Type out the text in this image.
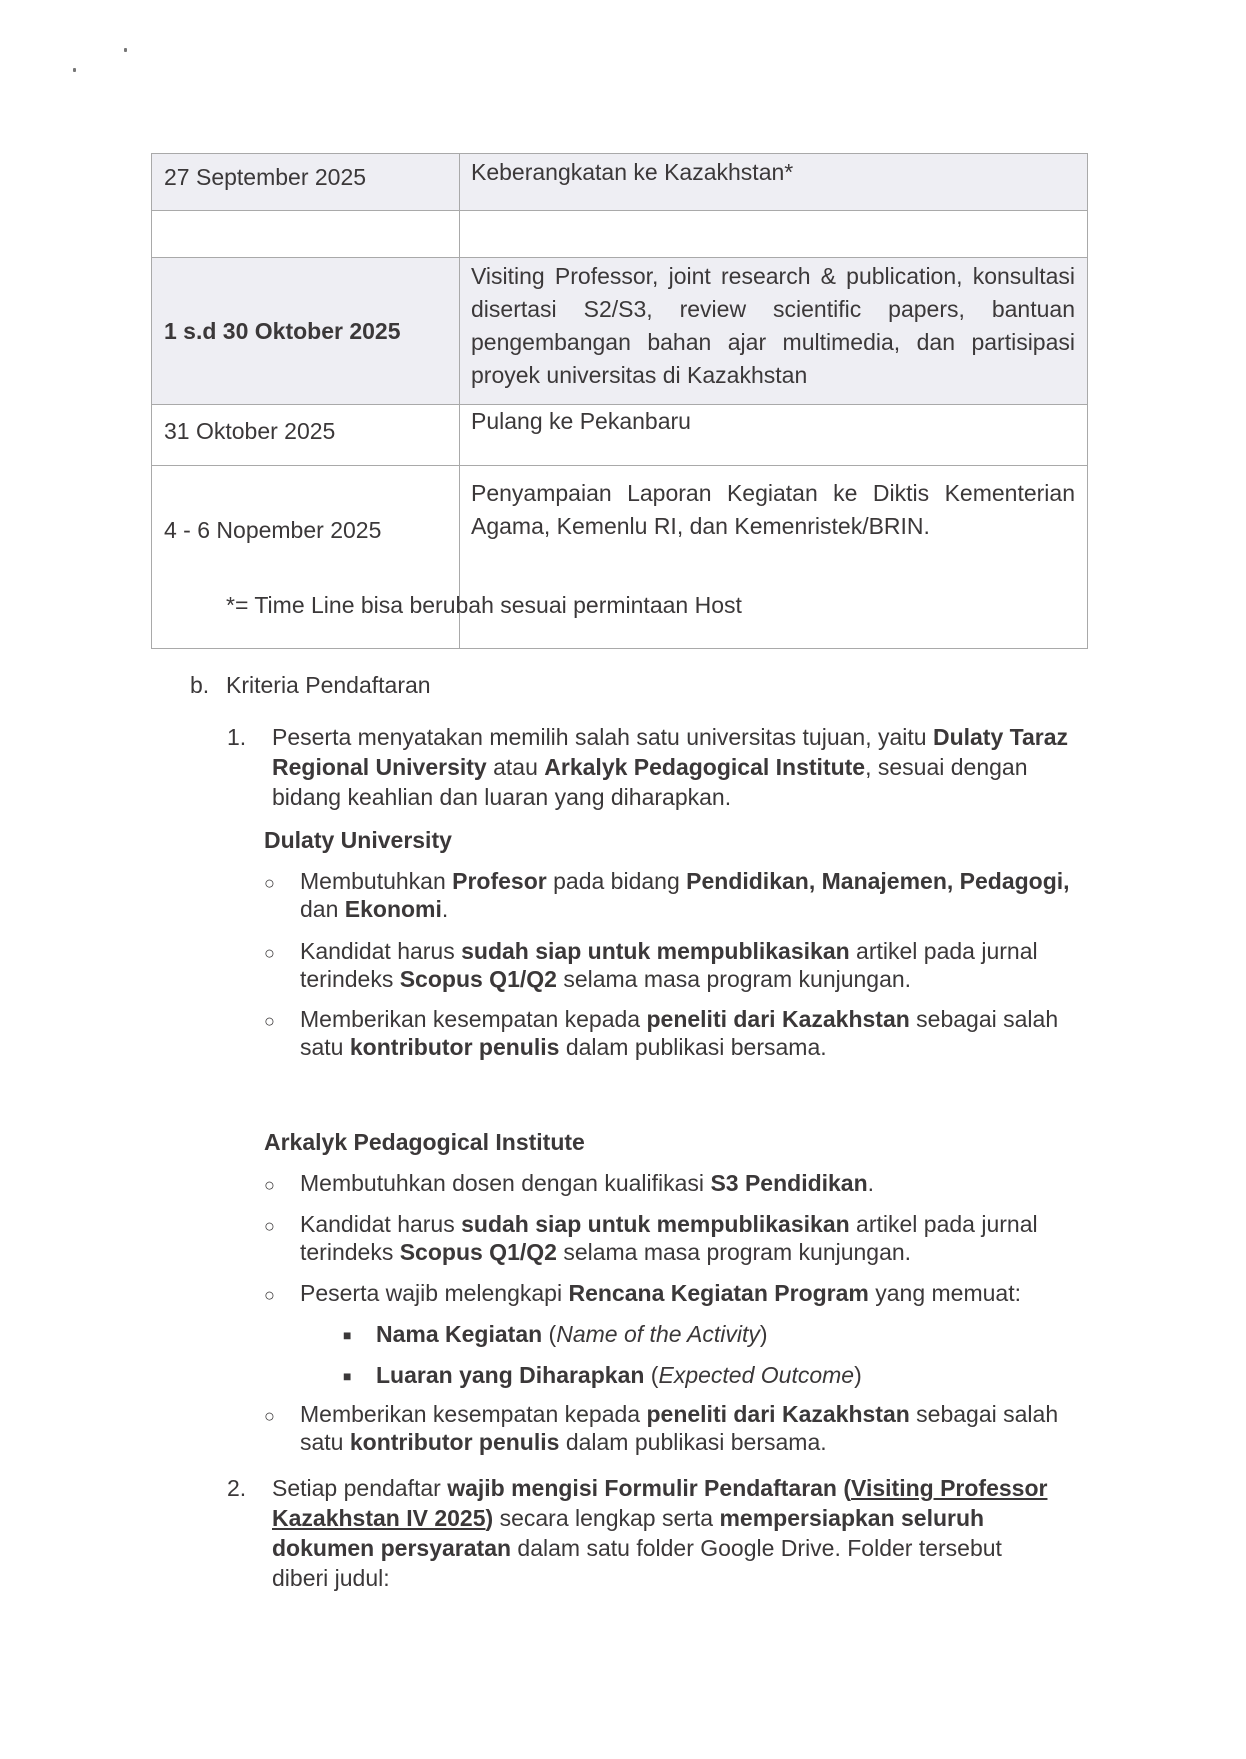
27 September 2025	Keberangkatan ke Kazakhstan*

1 s.d 30 Oktober 2025	Visiting Professor, joint research & publication, konsultasi disertasi S2/S3, review scientific papers, bantuan pengembangan bahan ajar multimedia, dan partisipasi proyek universitas di Kazakhstan
31 Oktober 2025	Pulang ke Pekanbaru
4 - 6 Nopember 2025	Penyampaian Laporan Kegiatan ke Diktis Kementerian Agama, Kemenlu RI, dan Kemenristek/BRIN.
*= Time Line bisa berubah sesuai permintaan Host
b. Kriteria Pendaftaran
1.	Peserta menyatakan memilih salah satu universitas tujuan, yaitu Dulaty Taraz Regional University atau Arkalyk Pedagogical Institute, sesuai dengan bidang keahlian dan luaran yang diharapkan.
Dulaty University
○	Membutuhkan Profesor pada bidang Pendidikan, Manajemen, Pedagogi, dan Ekonomi.
○	Kandidat harus sudah siap untuk mempublikasikan artikel pada jurnal terindeks Scopus Q1/Q2 selama masa program kunjungan.
○	Memberikan kesempatan kepada peneliti dari Kazakhstan sebagai salah satu kontributor penulis dalam publikasi bersama.
Arkalyk Pedagogical Institute
○	Membutuhkan dosen dengan kualifikasi S3 Pendidikan.
○	Kandidat harus sudah siap untuk mempublikasikan artikel pada jurnal terindeks Scopus Q1/Q2 selama masa program kunjungan.
○	Peserta wajib melengkapi Rencana Kegiatan Program yang memuat:
■	Nama Kegiatan (Name of the Activity)
■	Luaran yang Diharapkan (Expected Outcome)
○	Memberikan kesempatan kepada peneliti dari Kazakhstan sebagai salah satu kontributor penulis dalam publikasi bersama.
2.	Setiap pendaftar wajib mengisi Formulir Pendaftaran (Visiting Professor Kazakhstan IV 2025) secara lengkap serta mempersiapkan seluruh dokumen persyaratan dalam satu folder Google Drive. Folder tersebut diberi judul:
